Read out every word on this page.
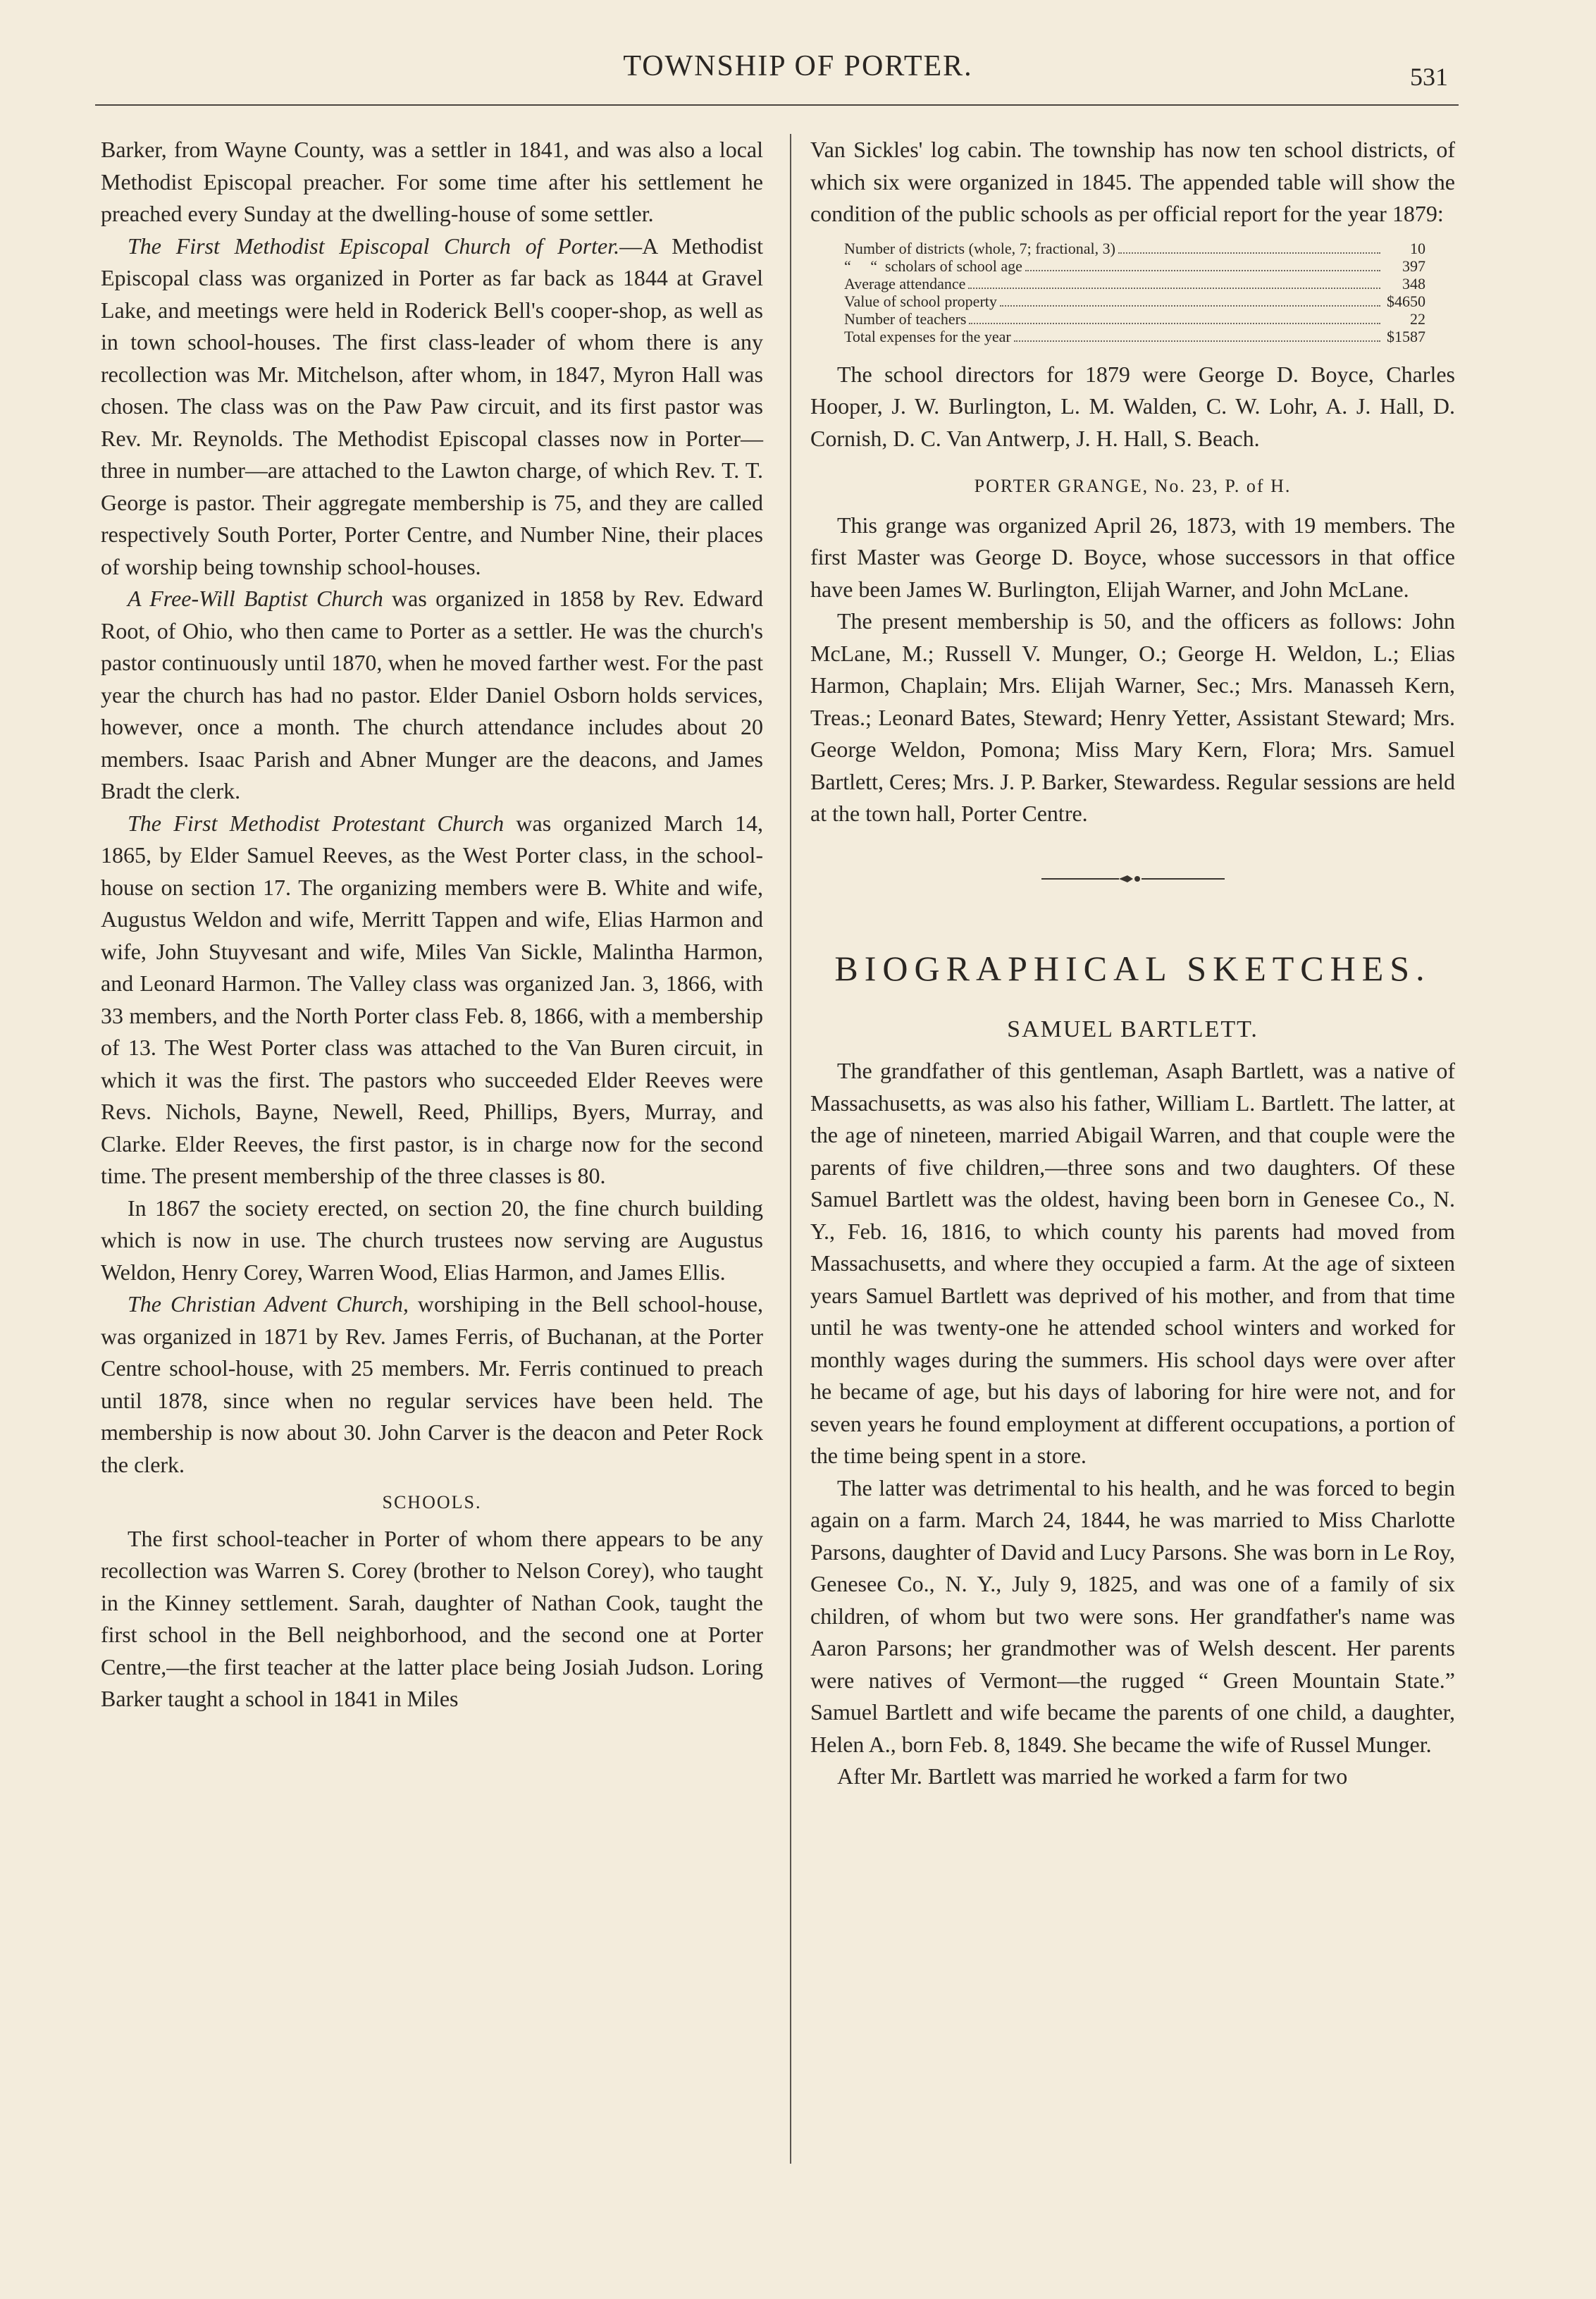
TOWNSHIP OF PORTER.	531

Barker, from Wayne County, was a settler in 1841, and was also a local Methodist Episcopal preacher. For some time after his settlement he preached every Sunday at the dwelling-house of some settler.

The First Methodist Episcopal Church of Porter.—A Methodist Episcopal class was organized in Porter as far back as 1844 at Gravel Lake, and meetings were held in Roderick Bell's cooper-shop, as well as in town school-houses. The first class-leader of whom there is any recollection was Mr. Mitchelson, after whom, in 1847, Myron Hall was chosen. The class was on the Paw Paw circuit, and its first pastor was Rev. Mr. Reynolds. The Methodist Episcopal classes now in Porter—three in number—are attached to the Lawton charge, of which Rev. T. T. George is pastor. Their aggregate membership is 75, and they are called respectively South Porter, Porter Centre, and Number Nine, their places of worship being township school-houses.

A Free-Will Baptist Church was organized in 1858 by Rev. Edward Root, of Ohio, who then came to Porter as a settler. He was the church's pastor continuously until 1870, when he moved farther west. For the past year the church has had no pastor. Elder Daniel Osborn holds services, however, once a month. The church attendance includes about 20 members. Isaac Parish and Abner Munger are the deacons, and James Bradt the clerk.

The First Methodist Protestant Church was organized March 14, 1865, by Elder Samuel Reeves, as the West Porter class, in the school-house on section 17. The organizing members were B. White and wife, Augustus Weldon and wife, Merritt Tappen and wife, Elias Harmon and wife, John Stuyvesant and wife, Miles Van Sickle, Malintha Harmon, and Leonard Harmon. The Valley class was organized Jan. 3, 1866, with 33 members, and the North Porter class Feb. 8, 1866, with a membership of 13. The West Porter class was attached to the Van Buren circuit, in which it was the first. The pastors who succeeded Elder Reeves were Revs. Nichols, Bayne, Newell, Reed, Phillips, Byers, Murray, and Clarke. Elder Reeves, the first pastor, is in charge now for the second time. The present membership of the three classes is 80.

In 1867 the society erected, on section 20, the fine church building which is now in use. The church trustees now serving are Augustus Weldon, Henry Corey, Warren Wood, Elias Harmon, and James Ellis.

The Christian Advent Church, worshiping in the Bell school-house, was organized in 1871 by Rev. James Ferris, of Buchanan, at the Porter Centre school-house, with 25 members. Mr. Ferris continued to preach until 1878, since when no regular services have been held. The membership is now about 30. John Carver is the deacon and Peter Rock the clerk.

SCHOOLS.

The first school-teacher in Porter of whom there appears to be any recollection was Warren S. Corey (brother to Nelson Corey), who taught in the Kinney settlement. Sarah, daughter of Nathan Cook, taught the first school in the Bell neighborhood, and the second one at Porter Centre,—the first teacher at the latter place being Josiah Judson. Loring Barker taught a school in 1841 in Miles

Van Sickles' log cabin. The township has now ten school districts, of which six were organized in 1845. The appended table will show the condition of the public schools as per official report for the year 1879:

Number of districts (whole, 7; fractional, 3)	10
“     “  scholars of school age	397
Average attendance	348
Value of school property	$4650
Number of teachers	22
Total expenses for the year	$1587

The school directors for 1879 were George D. Boyce, Charles Hooper, J. W. Burlington, L. M. Walden, C. W. Lohr, A. J. Hall, D. Cornish, D. C. Van Antwerp, J. H. Hall, S. Beach.

PORTER GRANGE, No. 23, P. of H.

This grange was organized April 26, 1873, with 19 members. The first Master was George D. Boyce, whose successors in that office have been James W. Burlington, Elijah Warner, and John McLane.

The present membership is 50, and the officers as follows: John McLane, M.; Russell V. Munger, O.; George H. Weldon, L.; Elias Harmon, Chaplain; Mrs. Elijah Warner, Sec.; Mrs. Manasseh Kern, Treas.; Leonard Bates, Steward; Henry Yetter, Assistant Steward; Mrs. George Weldon, Pomona; Miss Mary Kern, Flora; Mrs. Samuel Bartlett, Ceres; Mrs. J. P. Barker, Stewardess. Regular sessions are held at the town hall, Porter Centre.

BIOGRAPHICAL SKETCHES.
SAMUEL BARTLETT.

The grandfather of this gentleman, Asaph Bartlett, was a native of Massachusetts, as was also his father, William L. Bartlett. The latter, at the age of nineteen, married Abigail Warren, and that couple were the parents of five children,—three sons and two daughters. Of these Samuel Bartlett was the oldest, having been born in Genesee Co., N. Y., Feb. 16, 1816, to which county his parents had moved from Massachusetts, and where they occupied a farm. At the age of sixteen years Samuel Bartlett was deprived of his mother, and from that time until he was twenty-one he attended school winters and worked for monthly wages during the summers. His school days were over after he became of age, but his days of laboring for hire were not, and for seven years he found employment at different occupations, a portion of the time being spent in a store.

The latter was detrimental to his health, and he was forced to begin again on a farm. March 24, 1844, he was married to Miss Charlotte Parsons, daughter of David and Lucy Parsons. She was born in Le Roy, Genesee Co., N. Y., July 9, 1825, and was one of a family of six children, of whom but two were sons. Her grandfather's name was Aaron Parsons; her grandmother was of Welsh descent. Her parents were natives of Vermont—the rugged “ Green Mountain State.” Samuel Bartlett and wife became the parents of one child, a daughter, Helen A., born Feb. 8, 1849. She became the wife of Russel Munger.

After Mr. Bartlett was married he worked a farm for two
